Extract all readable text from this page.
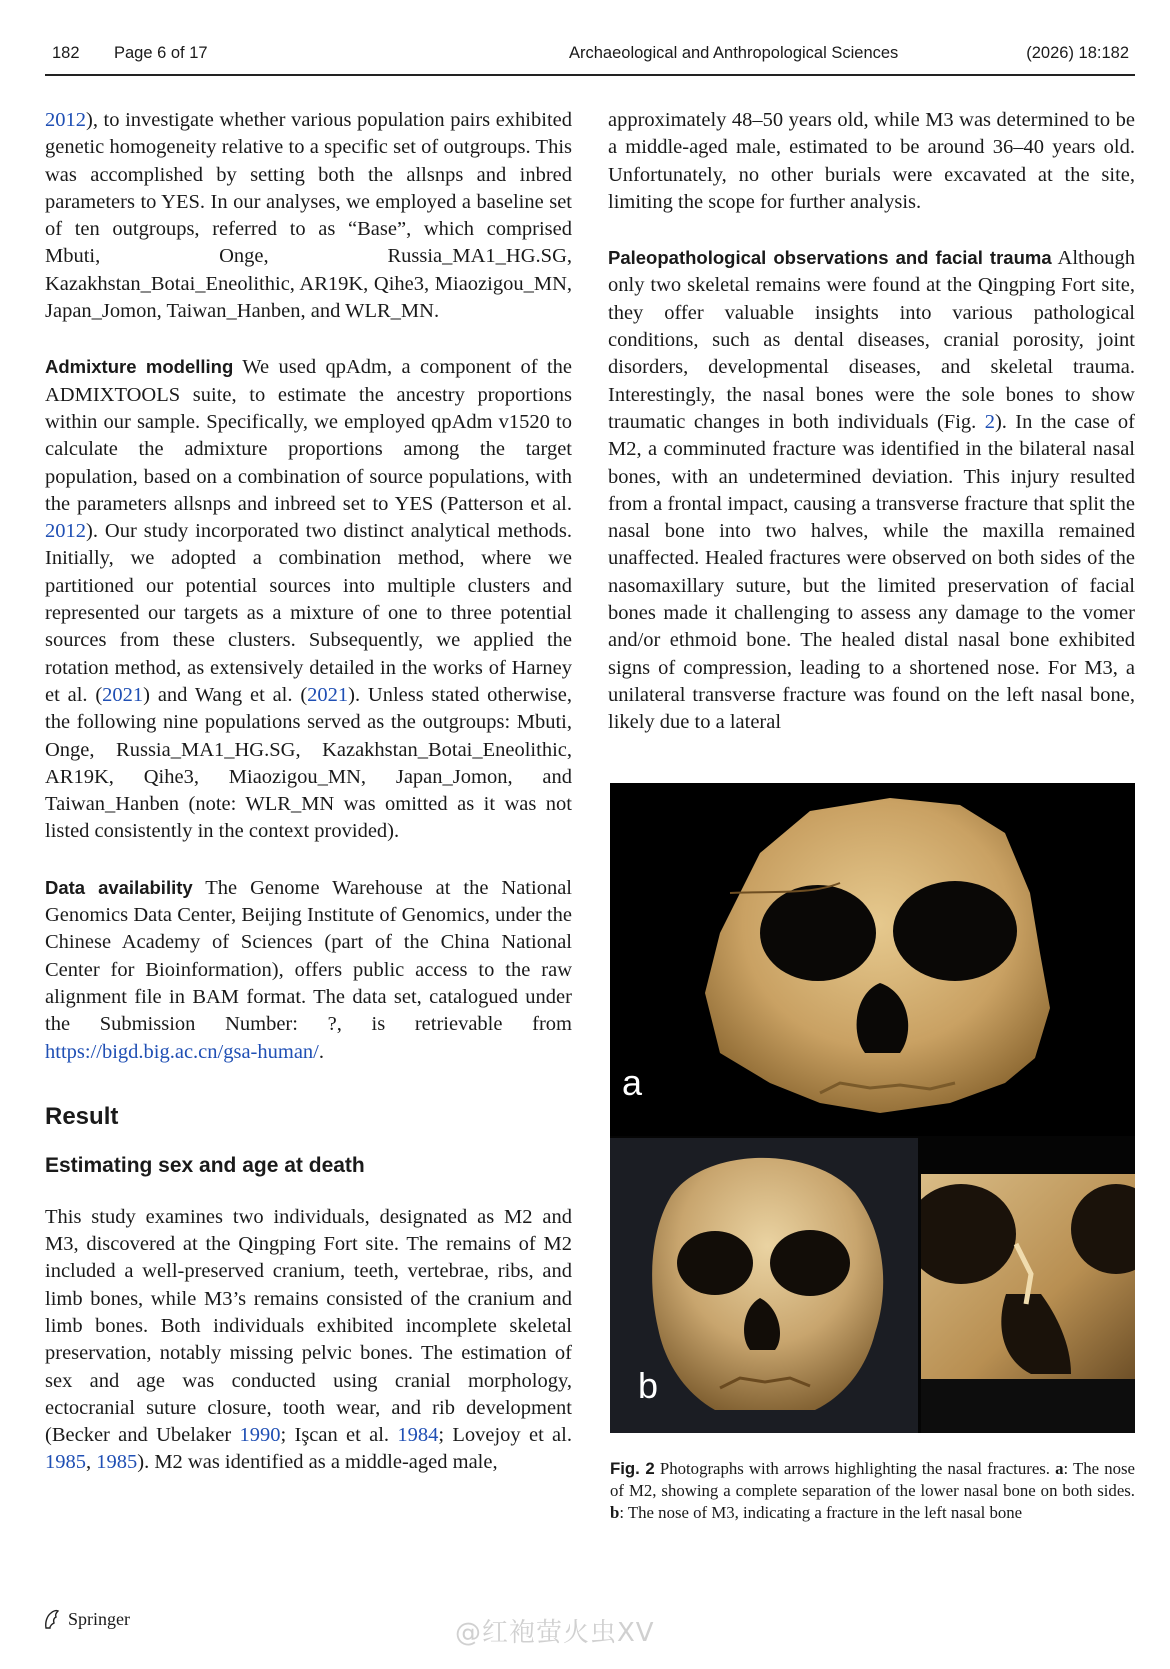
182 Page 6 of 17	Archaeological and Anthropological Sciences	(2026) 18:182

2012), to investigate whether various population pairs exhibited genetic homogeneity relative to a specific set of outgroups. This was accomplished by setting both the allsnps and inbred parameters to YES. In our analyses, we employed a baseline set of ten outgroups, referred to as “Base”, which comprised Mbuti, Onge, Russia_MA1_HG.SG, Kazakhstan_Botai_Eneolithic, AR19K, Qihe3, Miaozigou_MN, Japan_Jomon, Taiwan_Hanben, and WLR_MN.

Admixture modelling We used qpAdm, a component of the ADMIXTOOLS suite, to estimate the ancestry proportions within our sample. Specifically, we employed qpAdm v1520 to calculate the admixture proportions among the target population, based on a combination of source populations, with the parameters allsnps and inbreed set to YES (Patterson et al. 2012). Our study incorporated two distinct analytical methods. Initially, we adopted a combination method, where we partitioned our potential sources into multiple clusters and represented our targets as a mixture of one to three potential sources from these clusters. Subsequently, we applied the rotation method, as extensively detailed in the works of Harney et al. (2021) and Wang et al. (2021). Unless stated otherwise, the following nine populations served as the outgroups: Mbuti, Onge, Russia_MA1_HG.SG, Kazakhstan_Botai_Eneolithic, AR19K, Qihe3, Miaozigou_MN, Japan_Jomon, and Taiwan_Hanben (note: WLR_MN was omitted as it was not listed consistently in the context provided).

Data availability The Genome Warehouse at the National Genomics Data Center, Beijing Institute of Genomics, under the Chinese Academy of Sciences (part of the China National Center for Bioinformation), offers public access to the raw alignment file in BAM format. The data set, catalogued under the Submission Number: ?, is retrievable from https://bigd.big.ac.cn/gsa-human/.

Result
Estimating sex and age at death

This study examines two individuals, designated as M2 and M3, discovered at the Qingping Fort site. The remains of M2 included a well-preserved cranium, teeth, vertebrae, ribs, and limb bones, while M3’s remains consisted of the cranium and limb bones. Both individuals exhibited incomplete skeletal preservation, notably missing pelvic bones. The estimation of sex and age was conducted using cranial morphology, ectocranial suture closure, tooth wear, and rib development (Becker and Ubelaker 1990; Işcan et al. 1984; Lovejoy et al. 1985, 1985). M2 was identified as a middle-aged male,

approximately 48–50 years old, while M3 was determined to be a middle-aged male, estimated to be around 36–40 years old. Unfortunately, no other burials were excavated at the site, limiting the scope for further analysis.

Paleopathological observations and facial trauma Although only two skeletal remains were found at the Qingping Fort site, they offer valuable insights into various pathological conditions, such as dental diseases, cranial porosity, joint disorders, developmental diseases, and skeletal trauma. Interestingly, the nasal bones were the sole bones to show traumatic changes in both individuals (Fig. 2). In the case of M2, a comminuted fracture was identified in the bilateral nasal bones, with an undetermined deviation. This injury resulted from a frontal impact, causing a transverse fracture that split the nasal bone into two halves, while the maxilla remained unaffected. Healed fractures were observed on both sides of the nasomaxillary suture, but the limited preservation of facial bones made it challenging to assess any damage to the vomer and/or ethmoid bone. The healed distal nasal bone exhibited signs of compression, leading to a shortened nose. For M3, a unilateral transverse fracture was found on the left nasal bone, likely due to a lateral

a
b
Fig. 2 Photographs with arrows highlighting the nasal fractures. a: The nose of M2, showing a complete separation of the lower nasal bone on both sides. b: The nose of M3, indicating a fracture in the left nasal bone
Springer	@红袍萤火虫XV
